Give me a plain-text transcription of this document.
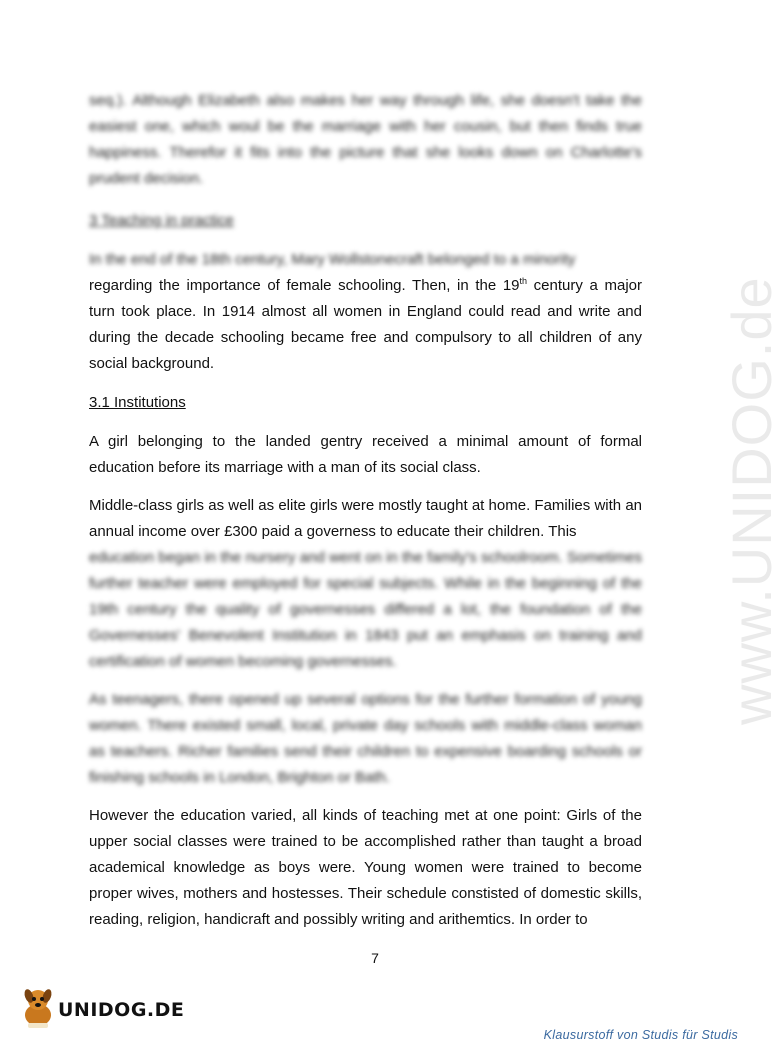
seq.). Although Elizabeth also makes her way through life, she doesn't take the easiest one, which woul be the marriage with her cousin, but then finds true happiness. Therefor it fits into the picture that she looks down on Charlotte's prudent decision.

3 Teaching in practice

In the end of the 18th century, Mary Wollstonecraft belonged to a minority

regarding the importance of female schooling. Then, in the 19th century a major turn took place. In 1914 almost all women in England could read and write and during the decade schooling became free and compulsory to all children of any social background.

3.1 Institutions

A girl belonging to the landed gentry received a minimal amount of formal education before its marriage with a man of its social class.

Middle-class girls as well as elite girls were mostly taught at home. Families with an annual income over £300 paid a governess to educate their children. This

education began in the nursery and went on in the family's schoolroom. Sometimes further teacher were employed for special subjects. While in the beginning of the 19th century the quality of governesses differed a lot, the foundation of the Governesses' Benevolent Institution in 1843 put an emphasis on training and certification of women becoming governesses.

As teenagers, there opened up several options for the further formation of young women. There existed small, local, private day schools with middle-class woman as teachers. Richer families send their children to expensive boarding schools or finishing schools in London, Brighton or Bath.

However the education varied, all kinds of teaching met at one point: Girls of the upper social classes were trained to be accomplished rather than taught a broad academical knowledge as boys were. Young women were trained to become proper wives, mothers and hostesses. Their schedule constisted of domestic skills, reading, religion, handicraft and possibly writing and arithemtics. In order to

7
www.UNIDOG.de
UNIDOG.DE
Klausurstoff von Studis für Studis
